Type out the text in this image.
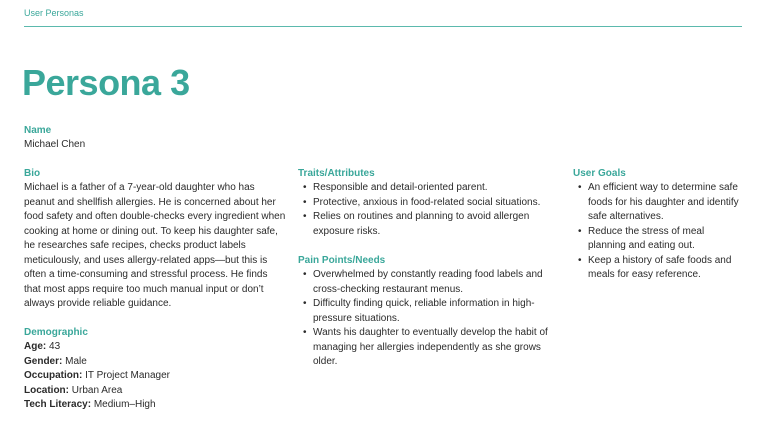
User Personas
Persona 3
Name
Michael Chen
Bio
Michael is a father of a 7-year-old daughter who has peanut and shellfish allergies. He is concerned about her food safety and often double-checks every ingredient when cooking at home or dining out. To keep his daughter safe, he researches safe recipes, checks product labels meticulously, and uses allergy-related apps—but this is often a time-consuming and stressful process. He finds that most apps require too much manual input or don’t always provide reliable guidance.
Demographic
Age: 43
Gender: Male
Occupation: IT Project Manager
Location: Urban Area
Tech Literacy: Medium–High
Traits/Attributes
• Responsible and detail-oriented parent.
• Protective, anxious in food-related social situations.
• Relies on routines and planning to avoid allergen exposure risks.
Pain Points/Needs
• Overwhelmed by constantly reading food labels and cross-checking restaurant menus.
• Difficulty finding quick, reliable information in high-pressure situations.
• Wants his daughter to eventually develop the habit of managing her allergies independently as she grows older.
User Goals
• An efficient way to determine safe foods for his daughter and identify safe alternatives.
• Reduce the stress of meal planning and eating out.
• Keep a history of safe foods and meals for easy reference.
